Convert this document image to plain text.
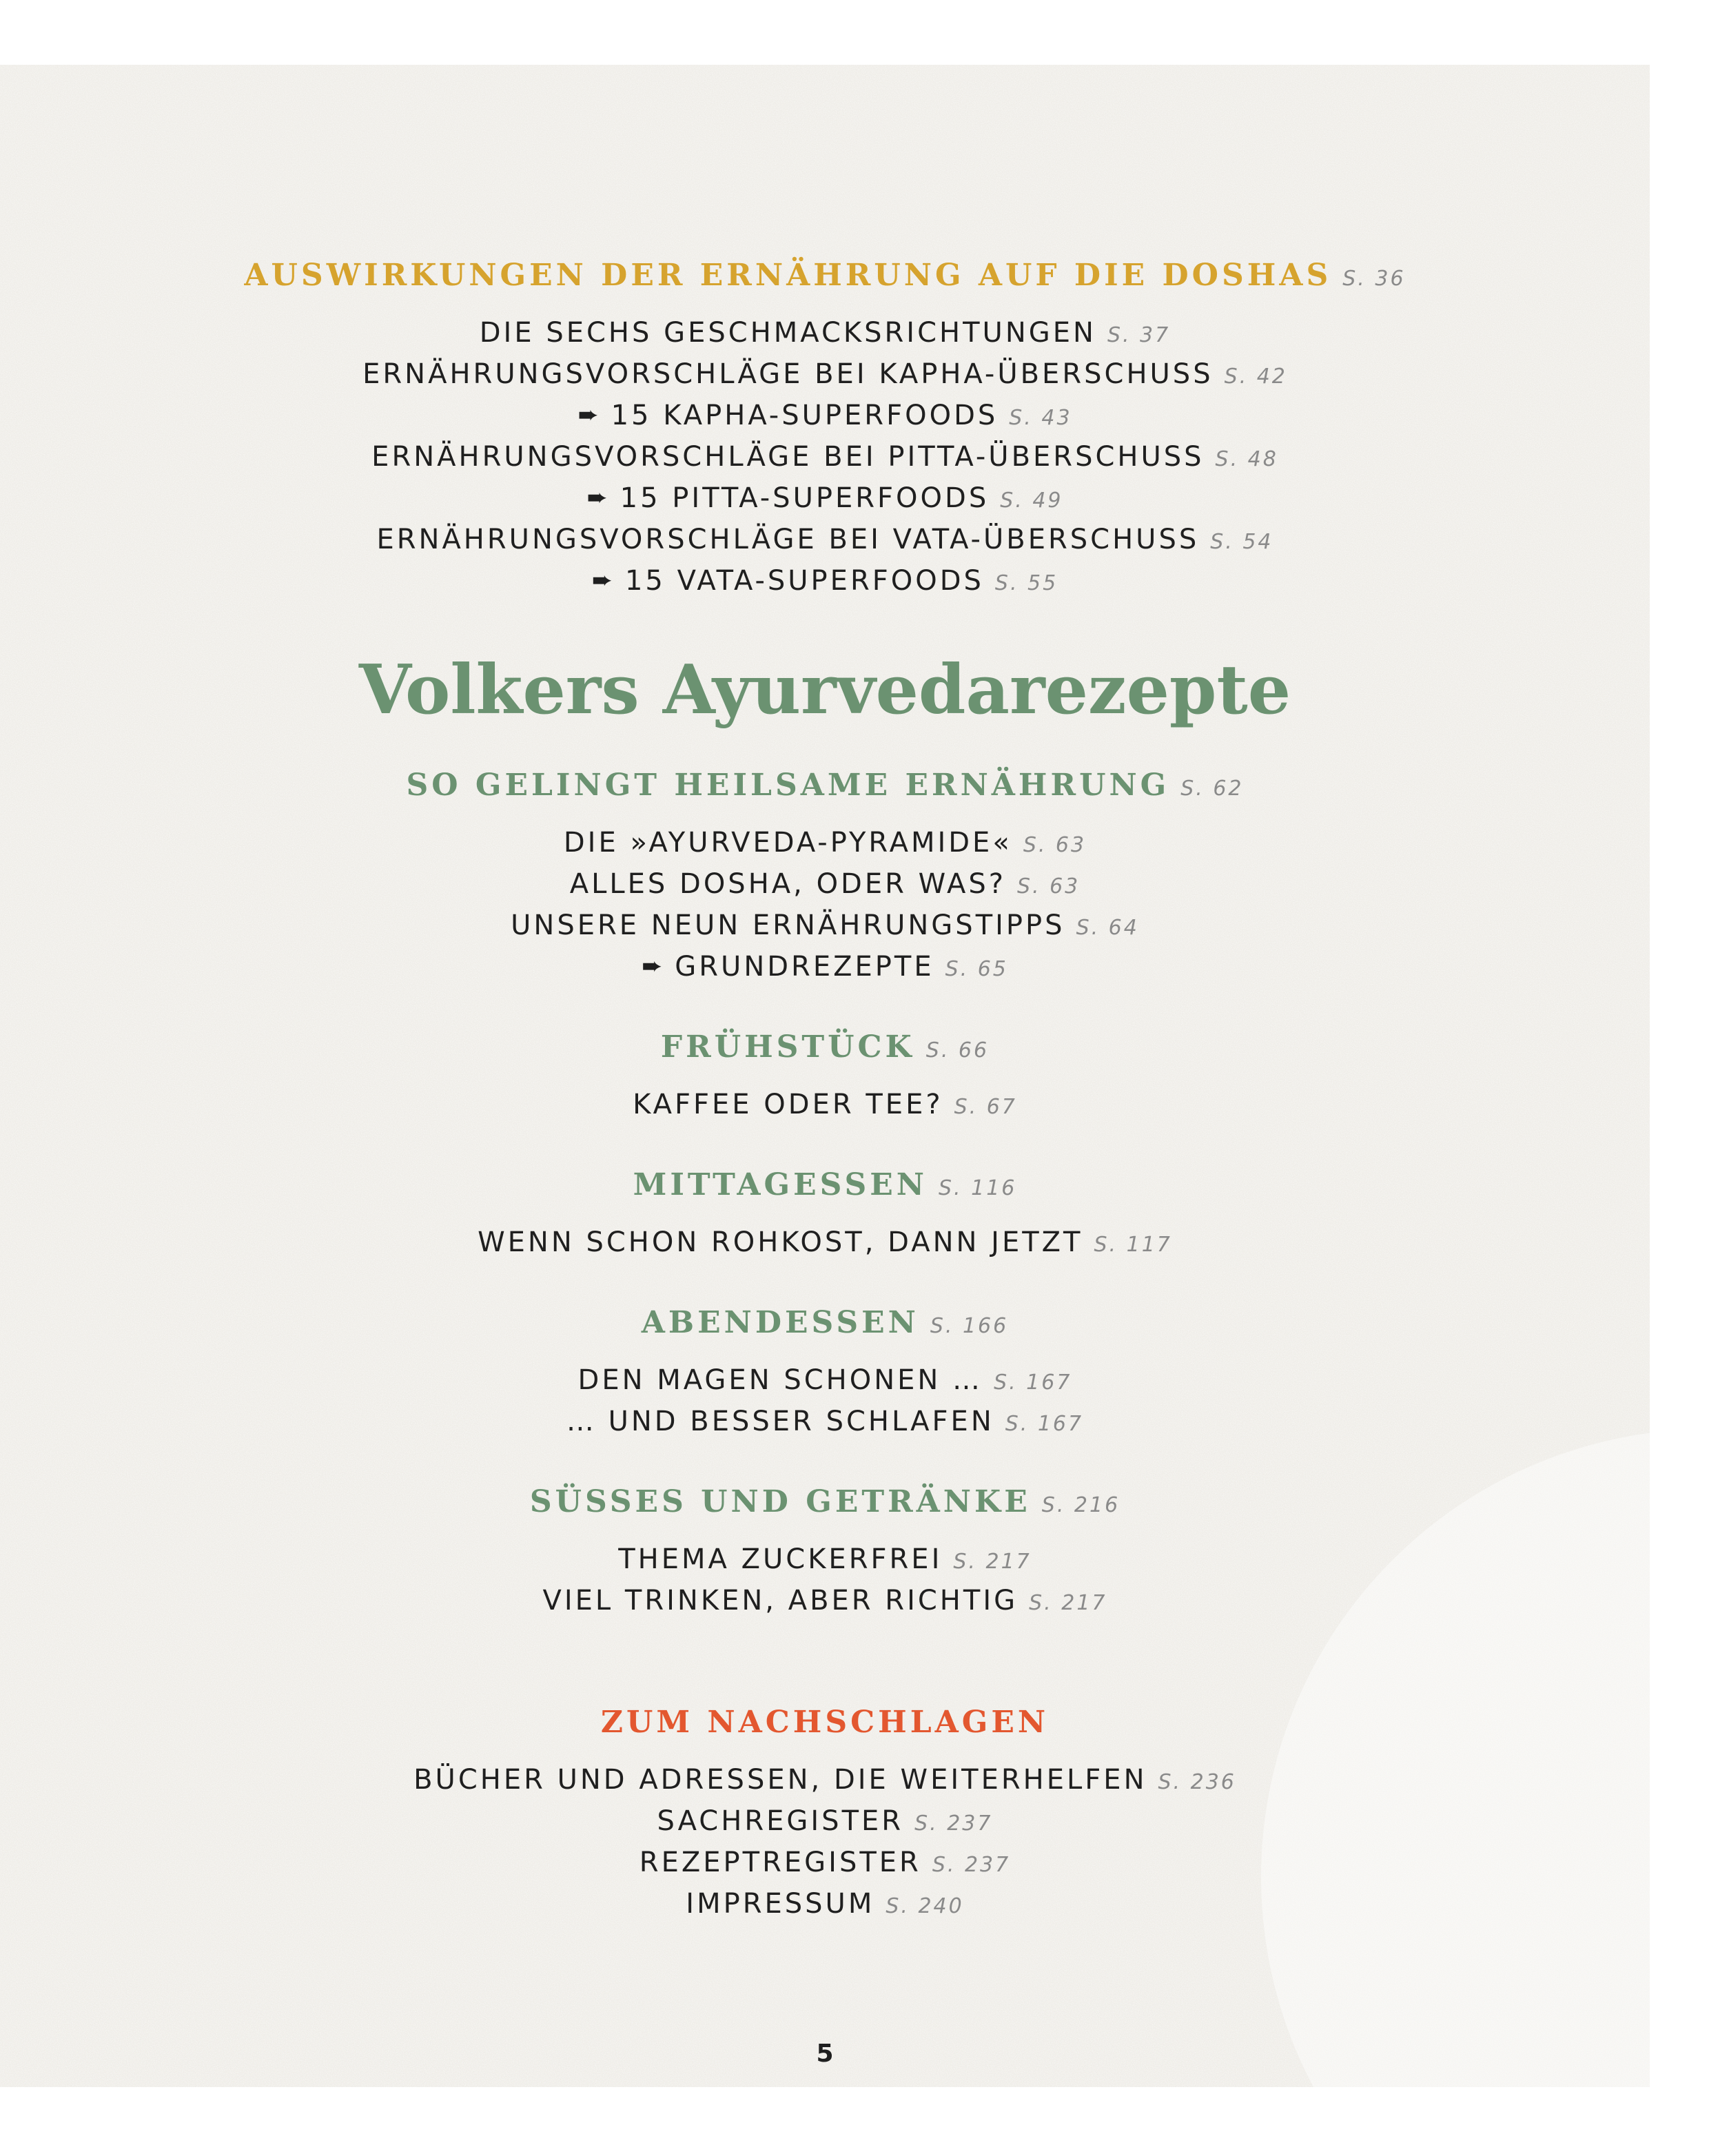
AUSWIRKUNGEN DER ERNÄHRUNG AUF DIE DOSHAS S. 36
DIE SECHS GESCHMACKSRICHTUNGEN S. 37
ERNÄHRUNGSVORSCHLÄGE BEI KAPHA-ÜBERSCHUSS S. 42
➨ 15 KAPHA-SUPERFOODS S. 43
ERNÄHRUNGSVORSCHLÄGE BEI PITTA-ÜBERSCHUSS S. 48
➨ 15 PITTA-SUPERFOODS S. 49
ERNÄHRUNGSVORSCHLÄGE BEI VATA-ÜBERSCHUSS S. 54
➨ 15 VATA-SUPERFOODS S. 55
Volkers Ayurvedarezepte
SO GELINGT HEILSAME ERNÄHRUNG S. 62
DIE »AYURVEDA-PYRAMIDE« S. 63
ALLES DOSHA, ODER WAS? S. 63
UNSERE NEUN ERNÄHRUNGSTIPPS S. 64
➨ GRUNDREZEPTE S. 65
FRÜHSTÜCK S. 66
KAFFEE ODER TEE? S. 67
MITTAGESSEN S. 116
WENN SCHON ROHKOST, DANN JETZT S. 117
ABENDESSEN S. 166
DEN MAGEN SCHONEN … S. 167
… UND BESSER SCHLAFEN S. 167
SÜSSES UND GETRÄNKE S. 216
THEMA ZUCKERFREI S. 217
VIEL TRINKEN, ABER RICHTIG S. 217
ZUM NACHSCHLAGEN
BÜCHER UND ADRESSEN, DIE WEITERHELFEN S. 236
SACHREGISTER S. 237
REZEPTREGISTER S. 237
IMPRESSUM S. 240
5
